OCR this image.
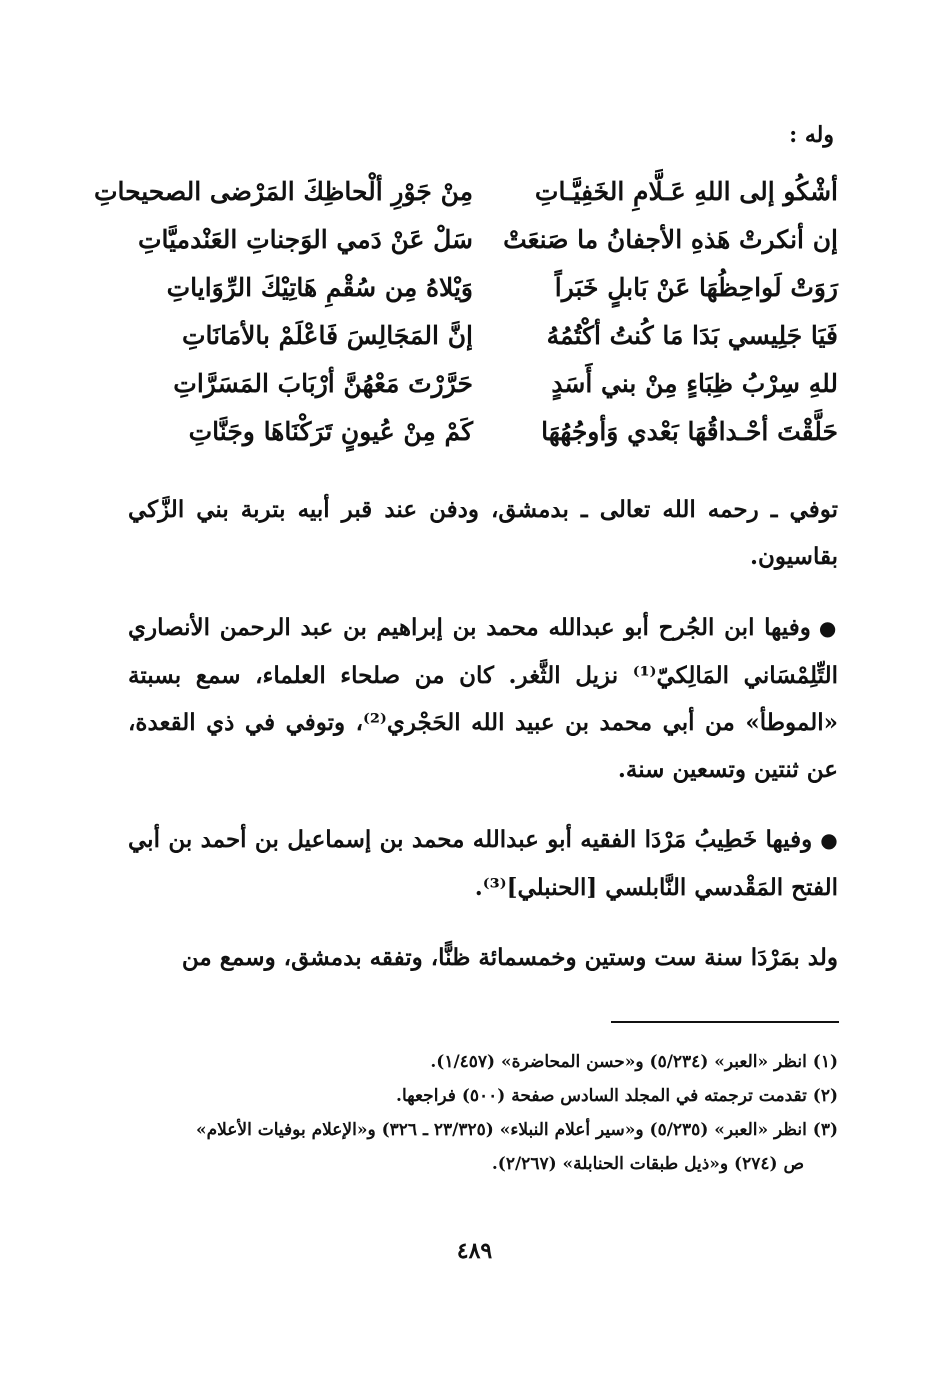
وله :
أشْكُو إلى اللهِ عَـلَّامِ الخَفِيَّـاتِ
مِنْ جَوْرِ ألْحاظِكَ المَرْضى الصحيحاتِ
إن أنكرتْ هَذهِ الأجفانُ ما صَنعَتْ
سَلْ عَنْ دَمي الوَجناتِ العَنْدميَّاتِ
رَوَتْ لَواحِظُهَا عَنْ بَابلٍ خَبَراً
وَيْلاهُ مِن سُقْمِ هَاتِيْكَ الرِّوَاياتِ
فَيَا جَلِيسي بَدَا مَا كُنتُ أكْتُمُهُ
إنَّ المَجَالِسَ فَاعْلَمْ بالأمَانَاتِ
للهِ سِرْبُ ظِبَاءٍ مِنْ بني أَسَدٍ
حَرَّرْتَ مَعْهُنَّ أرْبَابَ المَسَرَّاتِ
حَلَّقْتَ أحْـداقُهَا بَعْدي وَأوجُهُهَا
كَمْ مِنْ عُيونٍ تَرَكْنَاهَا وجَنَّاتِ

توفي ـ رحمه الله تعالى ـ بدمشق، ودفن عند قبر أبيه بتربة بني الزَّكي بقاسيون.

●وفيها ابن الجُرح أبو عبدالله محمد بن إبراهيم بن عبد الرحمن الأنصاري التِّلِمْسَاني المَالِكيّ⁽¹⁾ نزيل الثَّغر. كان من صلحاء العلماء، سمع بسبتة «الموطأ» من أبي محمد بن عبيد الله الحَجْري⁽²⁾، وتوفي في ذي القعدة، عن ثنتين وتسعين سنة.

●وفيها خَطِيبُ مَرْدَا الفقيه أبو عبدالله محمد بن إسماعيل بن أحمد بن أبي الفتح المَقْدسي النَّابلسي [الحنبلي]⁽³⁾.

ولد بمَرْدَا سنة ست وستين وخمسمائة ظنًّا، وتفقه بدمشق، وسمع من

(١) انظر «العبر» (٥/٢٣٤) و«حسن المحاضرة» (١/٤٥٧).
(٢) تقدمت ترجمته في المجلد السادس صفحة (٥٠٠) فراجعها.
(٣) انظر «العبر» (٥/٢٣٥) و«سير أعلام النبلاء» (٢٣/٣٢٥ ـ ٣٢٦) و«الإعلام بوفيات الأعلام»
ص (٢٧٤) و«ذيل طبقات الحنابلة» (٢/٢٦٧).
٤٨٩
